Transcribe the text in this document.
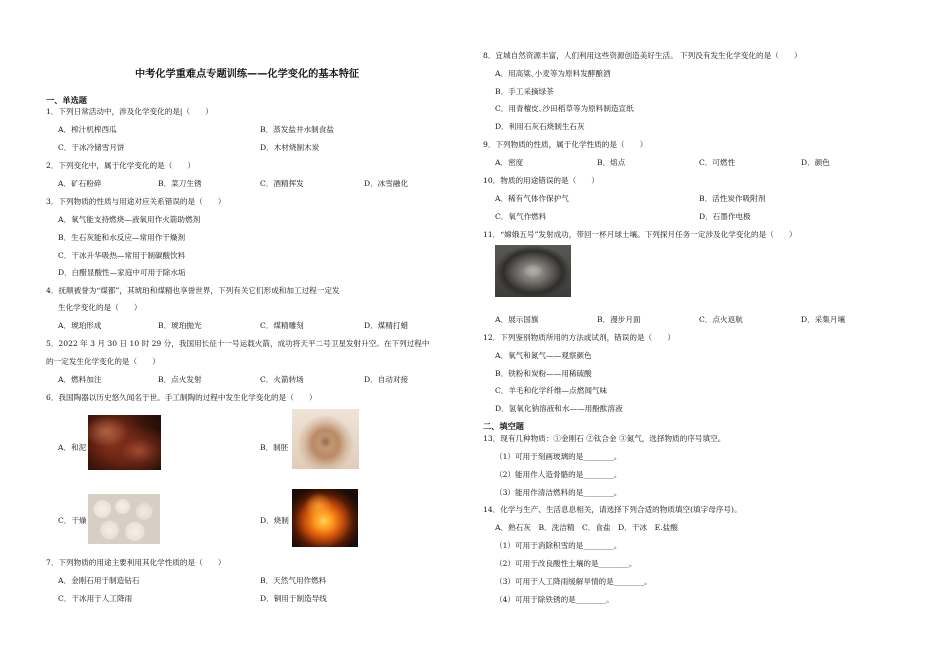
中考化学重难点专题训练——化学变化的基本特征
一、单选题
1．下列日常活动中，涉及化学变化的是|（　　）
A．榨汁机榨西瓜	B．蒸发盐井水制食盐
C．干冰冷储雪月饼	D．木材烧制木炭
2．下列变化中，属于化学变化的是（　　）
A．矿石粉碎	B．菜刀生锈	C．酒精挥发	D．冰雪融化
3．下列物质的性质与用途对应关系错误的是（　　）
A．氧气能支持燃烧—液氧用作火箭助燃剂
B．生石灰能和水反应—常用作干燥剂
C．干冰升华吸热—常用于制碳酸饮料
D．白醋显酸性—家庭中可用于除水垢
4．抚顺被誉为“煤都”，其琥珀和煤精也享誉世界，下列有关它们形成和加工过程一定发
生化学变化的是（　　）
A．琥珀形成	B．琥珀抛光	C．煤精雕刻	D．煤精打蜡
5．2022 年 3 月 30 日 10 时 29 分，我国用长征十一号运载火箭，成功将天平二号卫星发射升空。在下列过程中
的一定发生化学变化的是（　　）
A．燃料加注	B．点火发射	C．火箭转场	D．自动对接
6．我国陶器以历史悠久闻名于世。手工制陶的过程中发生化学变化的是（　　）
A．和泥	B．制胚
C．干燥	D．烧制
7．下列物质的用途主要利用其化学性质的是（　　）
A．金刚石用于制造钻石	B．天然气用作燃料
C．干冰用于人工降雨	D．铜用于制造导线
8．宜城自然资源丰富，人们利用这些资源创造美好生活。 下列没有发生化学变化的是（　　）
A．用高粱､小麦等为原料发酵酿酒
B．手工采摘绿茶
C．用青檀皮､沙田稻草等为原料制造宣纸
D．利用石灰石烧制生石灰
9．下列物质的性质，属于化学性质的是（　　）
A．密度	B．熔点	C．可燃性	D．颜色
10．物质的用途错误的是（　　）
A．稀有气体作保护气	B．活性炭作吸附剂
C．氧气作燃料	D．石墨作电极
11．“嫦娥五号”发射成功，带回一杯月球土壤。下列探月任务一定涉及化学变化的是（　　）
A．展示国旗	B．漫步月面	C．点火返航	D．采集月壤
12．下列鉴别物质所用的方法或试剂，错误的是（　　）
A．氧气和氮气——观察颜色
B．铁粉和炭粉——用稀硫酸
C．羊毛和化学纤维—点燃闻气味
D．氢氧化钠溶液和水——用酚酞溶液
二、填空题
13．现有几种物质：①金刚石 ②钛合金 ③氮气，选择物质的序号填空。
（1）可用于刻画玻璃的是________。
（2）能用作人造骨骼的是________。
（3）能用作清洁燃料的是________。
14．化学与生产、生活息息相关，请选择下列合适的物质填空(填字母序号)。
A．熟石灰　B．洗洁精　C．食盐　D．干冰　E.盐酸
（1）可用于消除积雪的是________。
（2）可用于改良酸性土壤的是________。
（3）可用于人工降雨缓解旱情的是________。
（4）可用于除铁锈的是________。
